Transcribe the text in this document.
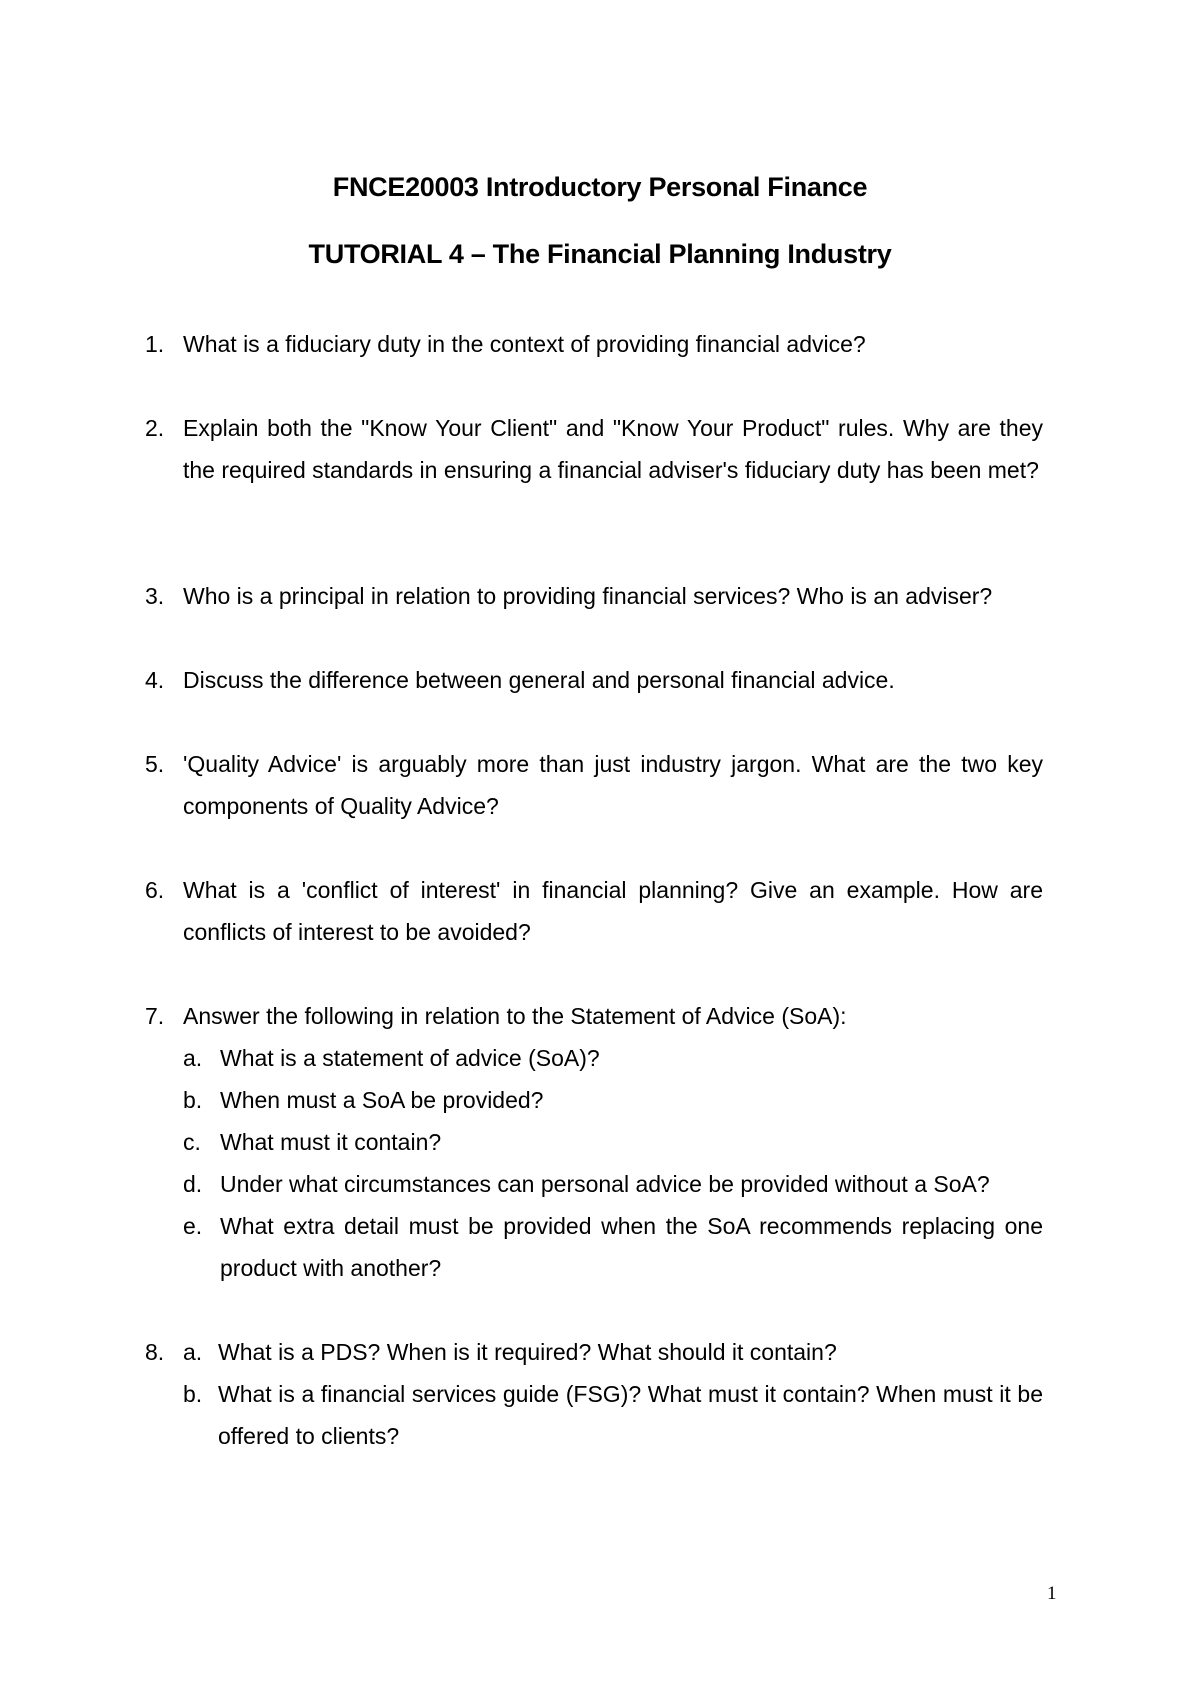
FNCE20003 Introductory Personal Finance
TUTORIAL 4 – The Financial Planning Industry
1. What is a fiduciary duty in the context of providing financial advice?
2. Explain both the "Know Your Client" and "Know Your Product" rules. Why are they the required standards in ensuring a financial adviser's fiduciary duty has been met?
3. Who is a principal in relation to providing financial services? Who is an adviser?
4. Discuss the difference between general and personal financial advice.
5. 'Quality Advice' is arguably more than just industry jargon. What are the two key components of Quality Advice?
6. What is a 'conflict of interest' in financial planning? Give an example. How are conflicts of interest to be avoided?
7. Answer the following in relation to the Statement of Advice (SoA):
a. What is a statement of advice (SoA)?
b. When must a SoA be provided?
c. What must it contain?
d. Under what circumstances can personal advice be provided without a SoA?
e. What extra detail must be provided when the SoA recommends replacing one product with another?
8. a. What is a PDS? When is it required? What should it contain?
b. What is a financial services guide (FSG)? What must it contain? When must it be offered to clients?
1
